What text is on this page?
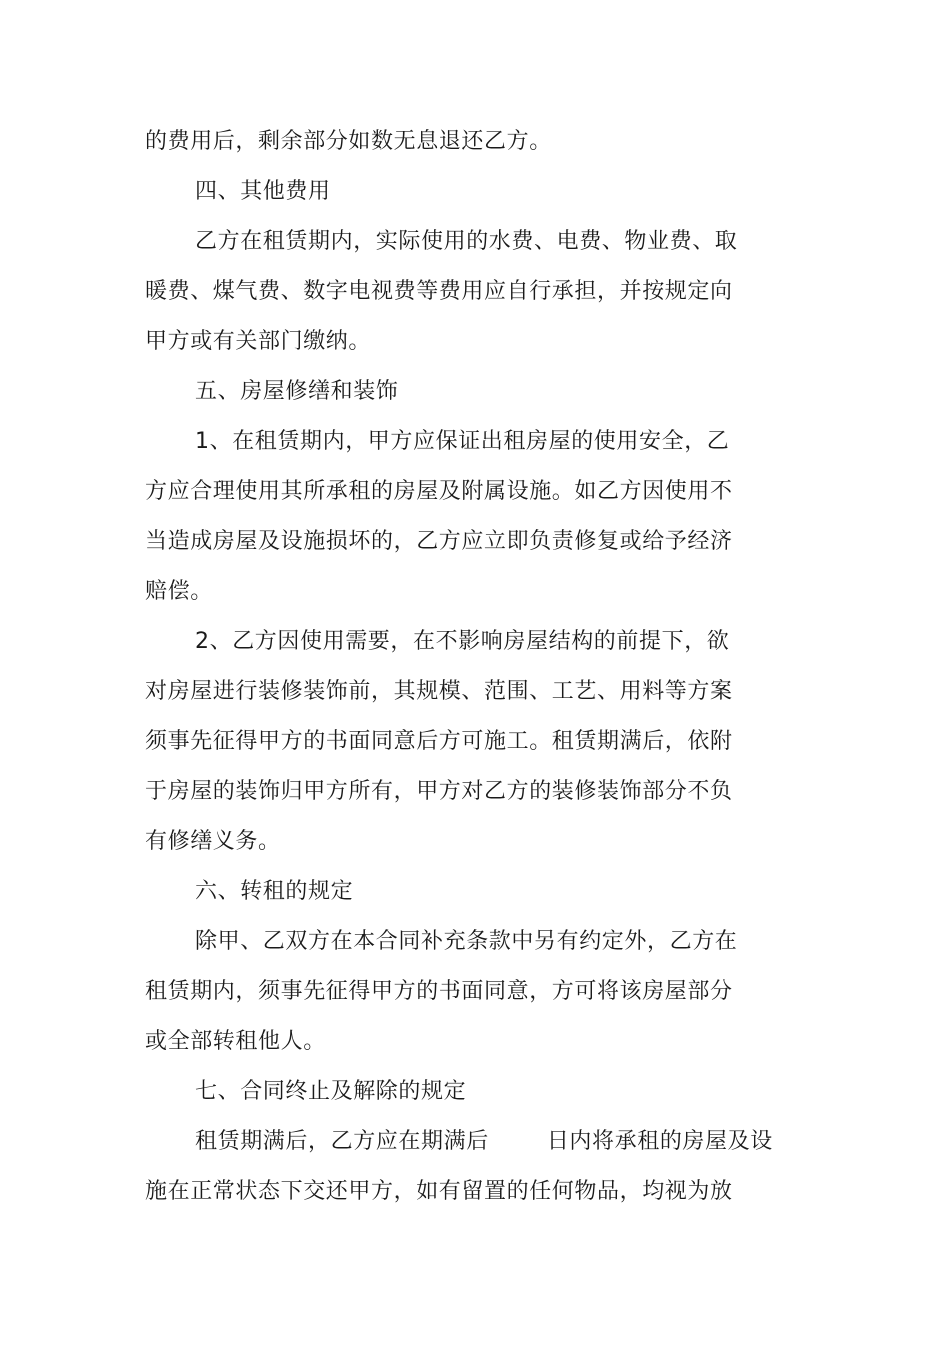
的费用后，剩余部分如数无息退还乙方。
四、其他费用
乙方在租赁期内，实际使用的水费、电费、物业费、取
暖费、煤气费、数字电视费等费用应自行承担，并按规定向
甲方或有关部门缴纳。
五、房屋修缮和装饰
1、在租赁期内，甲方应保证出租房屋的使用安全，乙
方应合理使用其所承租的房屋及附属设施。如乙方因使用不
当造成房屋及设施损坏的，乙方应立即负责修复或给予经济
赔偿。
2、乙方因使用需要，在不影响房屋结构的前提下，欲
对房屋进行装修装饰前，其规模、范围、工艺、用料等方案
须事先征得甲方的书面同意后方可施工。租赁期满后，依附
于房屋的装饰归甲方所有，甲方对乙方的装修装饰部分不负
有修缮义务。
六、转租的规定
除甲、乙双方在本合同补充条款中另有约定外，乙方在
租赁期内，须事先征得甲方的书面同意，方可将该房屋部分
或全部转租他人。
七、合同终止及解除的规定
租赁期满后，乙方应在期满后	日内将承租的房屋及设
施在正常状态下交还甲方，如有留置的任何物品，均视为放
